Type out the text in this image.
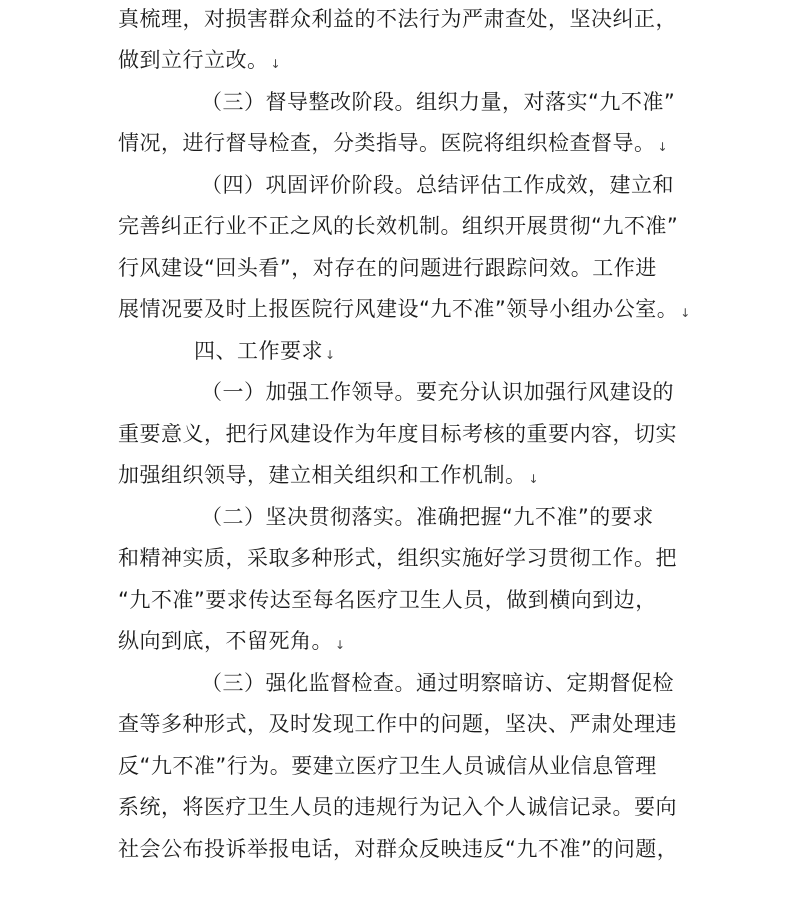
真梳理，对损害群众利益的不法行为严肃查处，坚决纠正，
做到立行立改。 ↓
（三）督导整改阶段。组织力量，对落实“九不准”
情况，进行督导检查，分类指导。医院将组织检查督导。 ↓
（四）巩固评价阶段。总结评估工作成效，建立和
完善纠正行业不正之风的长效机制。组织开展贯彻“九不准”
行风建设“回头看”，对存在的问题进行跟踪问效。工作进
展情况要及时上报医院行风建设“九不准”领导小组办公室。 ↓
四、工作要求 ↓
（一）加强工作领导。要充分认识加强行风建设的
重要意义，把行风建设作为年度目标考核的重要内容，切实
加强组织领导，建立相关组织和工作机制。 ↓
（二）坚决贯彻落实。准确把握“九不准”的要求
和精神实质，采取多种形式，组织实施好学习贯彻工作。把
“九不准”要求传达至每名医疗卫生人员，做到横向到边，
纵向到底，不留死角。 ↓
（三）强化监督检查。通过明察暗访、定期督促检
查等多种形式，及时发现工作中的问题，坚决、严肃处理违
反“九不准”行为。要建立医疗卫生人员诚信从业信息管理
系统，将医疗卫生人员的违规行为记入个人诚信记录。要向
社会公布投诉举报电话，对群众反映违反“九不准”的问题，
